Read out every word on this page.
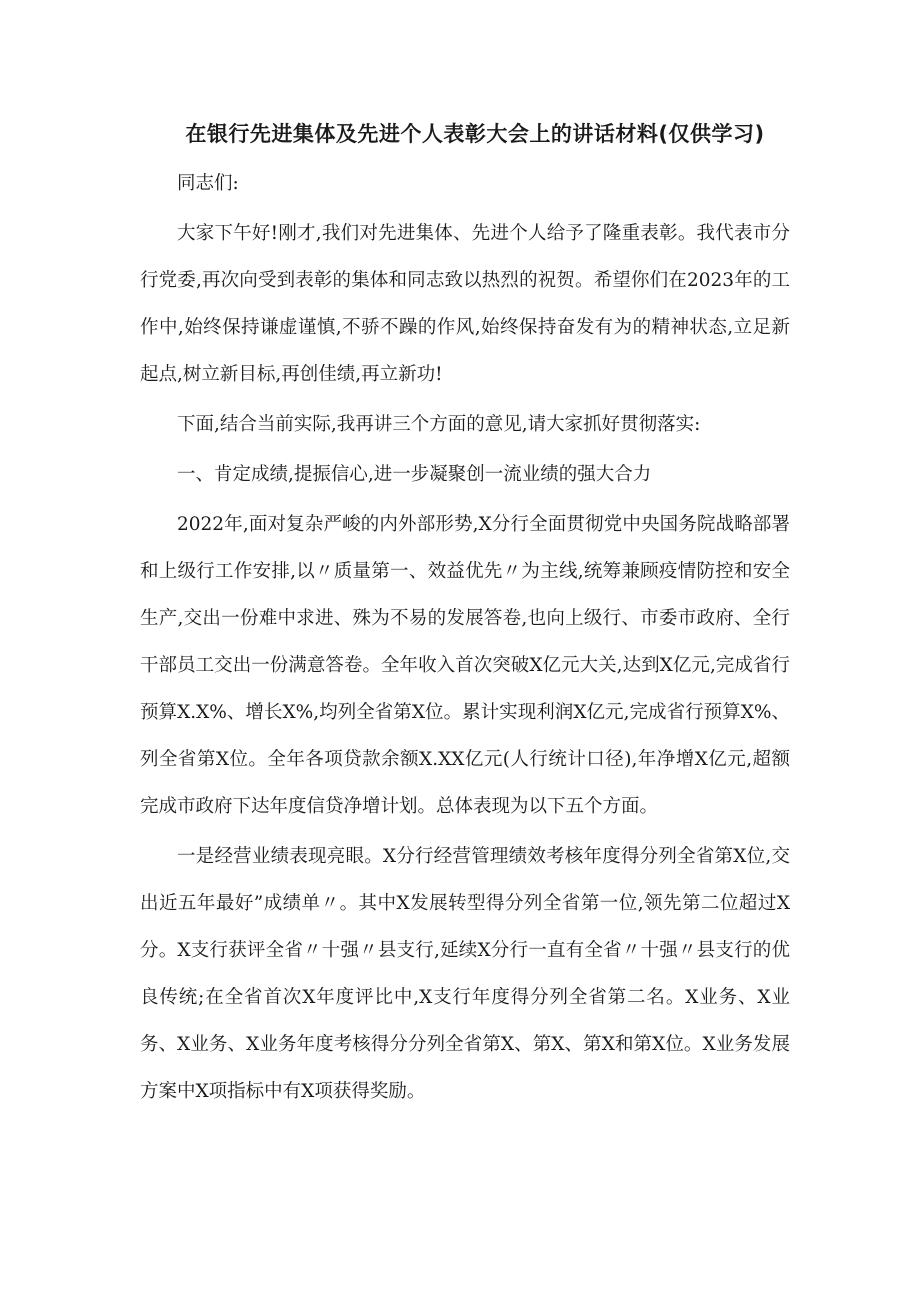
在银行先进集体及先进个人表彰大会上的讲话材料(仅供学习)

同志们:

大家下午好!刚才,我们对先进集体、先进个人给予了隆重表彰。我代表市分行党委,再次向受到表彰的集体和同志致以热烈的祝贺。希望你们在2023年的工作中,始终保持谦虚谨慎,不骄不躁的作风,始终保持奋发有为的精神状态,立足新起点,树立新目标,再创佳绩,再立新功!

下面,结合当前实际,我再讲三个方面的意见,请大家抓好贯彻落实:

一、肯定成绩,提振信心,进一步凝聚创一流业绩的强大合力

2022年,面对复杂严峻的内外部形势,X分行全面贯彻党中央国务院战略部署和上级行工作安排,以〃质量第一、效益优先〃为主线,统筹兼顾疫情防控和安全生产,交出一份难中求进、殊为不易的发展答卷,也向上级行、市委市政府、全行干部员工交出一份满意答卷。全年收入首次突破X亿元大关,达到X亿元,完成省行预算X.X%、增长X%,均列全省第X位。累计实现利润X亿元,完成省行预算X%、列全省第X位。全年各项贷款余额X.XX亿元(人行统计口径),年净增X亿元,超额完成市政府下达年度信贷净增计划。总体表现为以下五个方面。

一是经营业绩表现亮眼。X分行经营管理绩效考核年度得分列全省第X位,交出近五年最好”成绩单〃。其中X发展转型得分列全省第一位,领先第二位超过X分。X支行获评全省〃十强〃县支行,延续X分行一直有全省〃十强〃县支行的优良传统;在全省首次X年度评比中,X支行年度得分列全省第二名。X业务、X业务、X业务、X业务年度考核得分分列全省第X、第X、第X和第X位。X业务发展方案中X项指标中有X项获得奖励。
